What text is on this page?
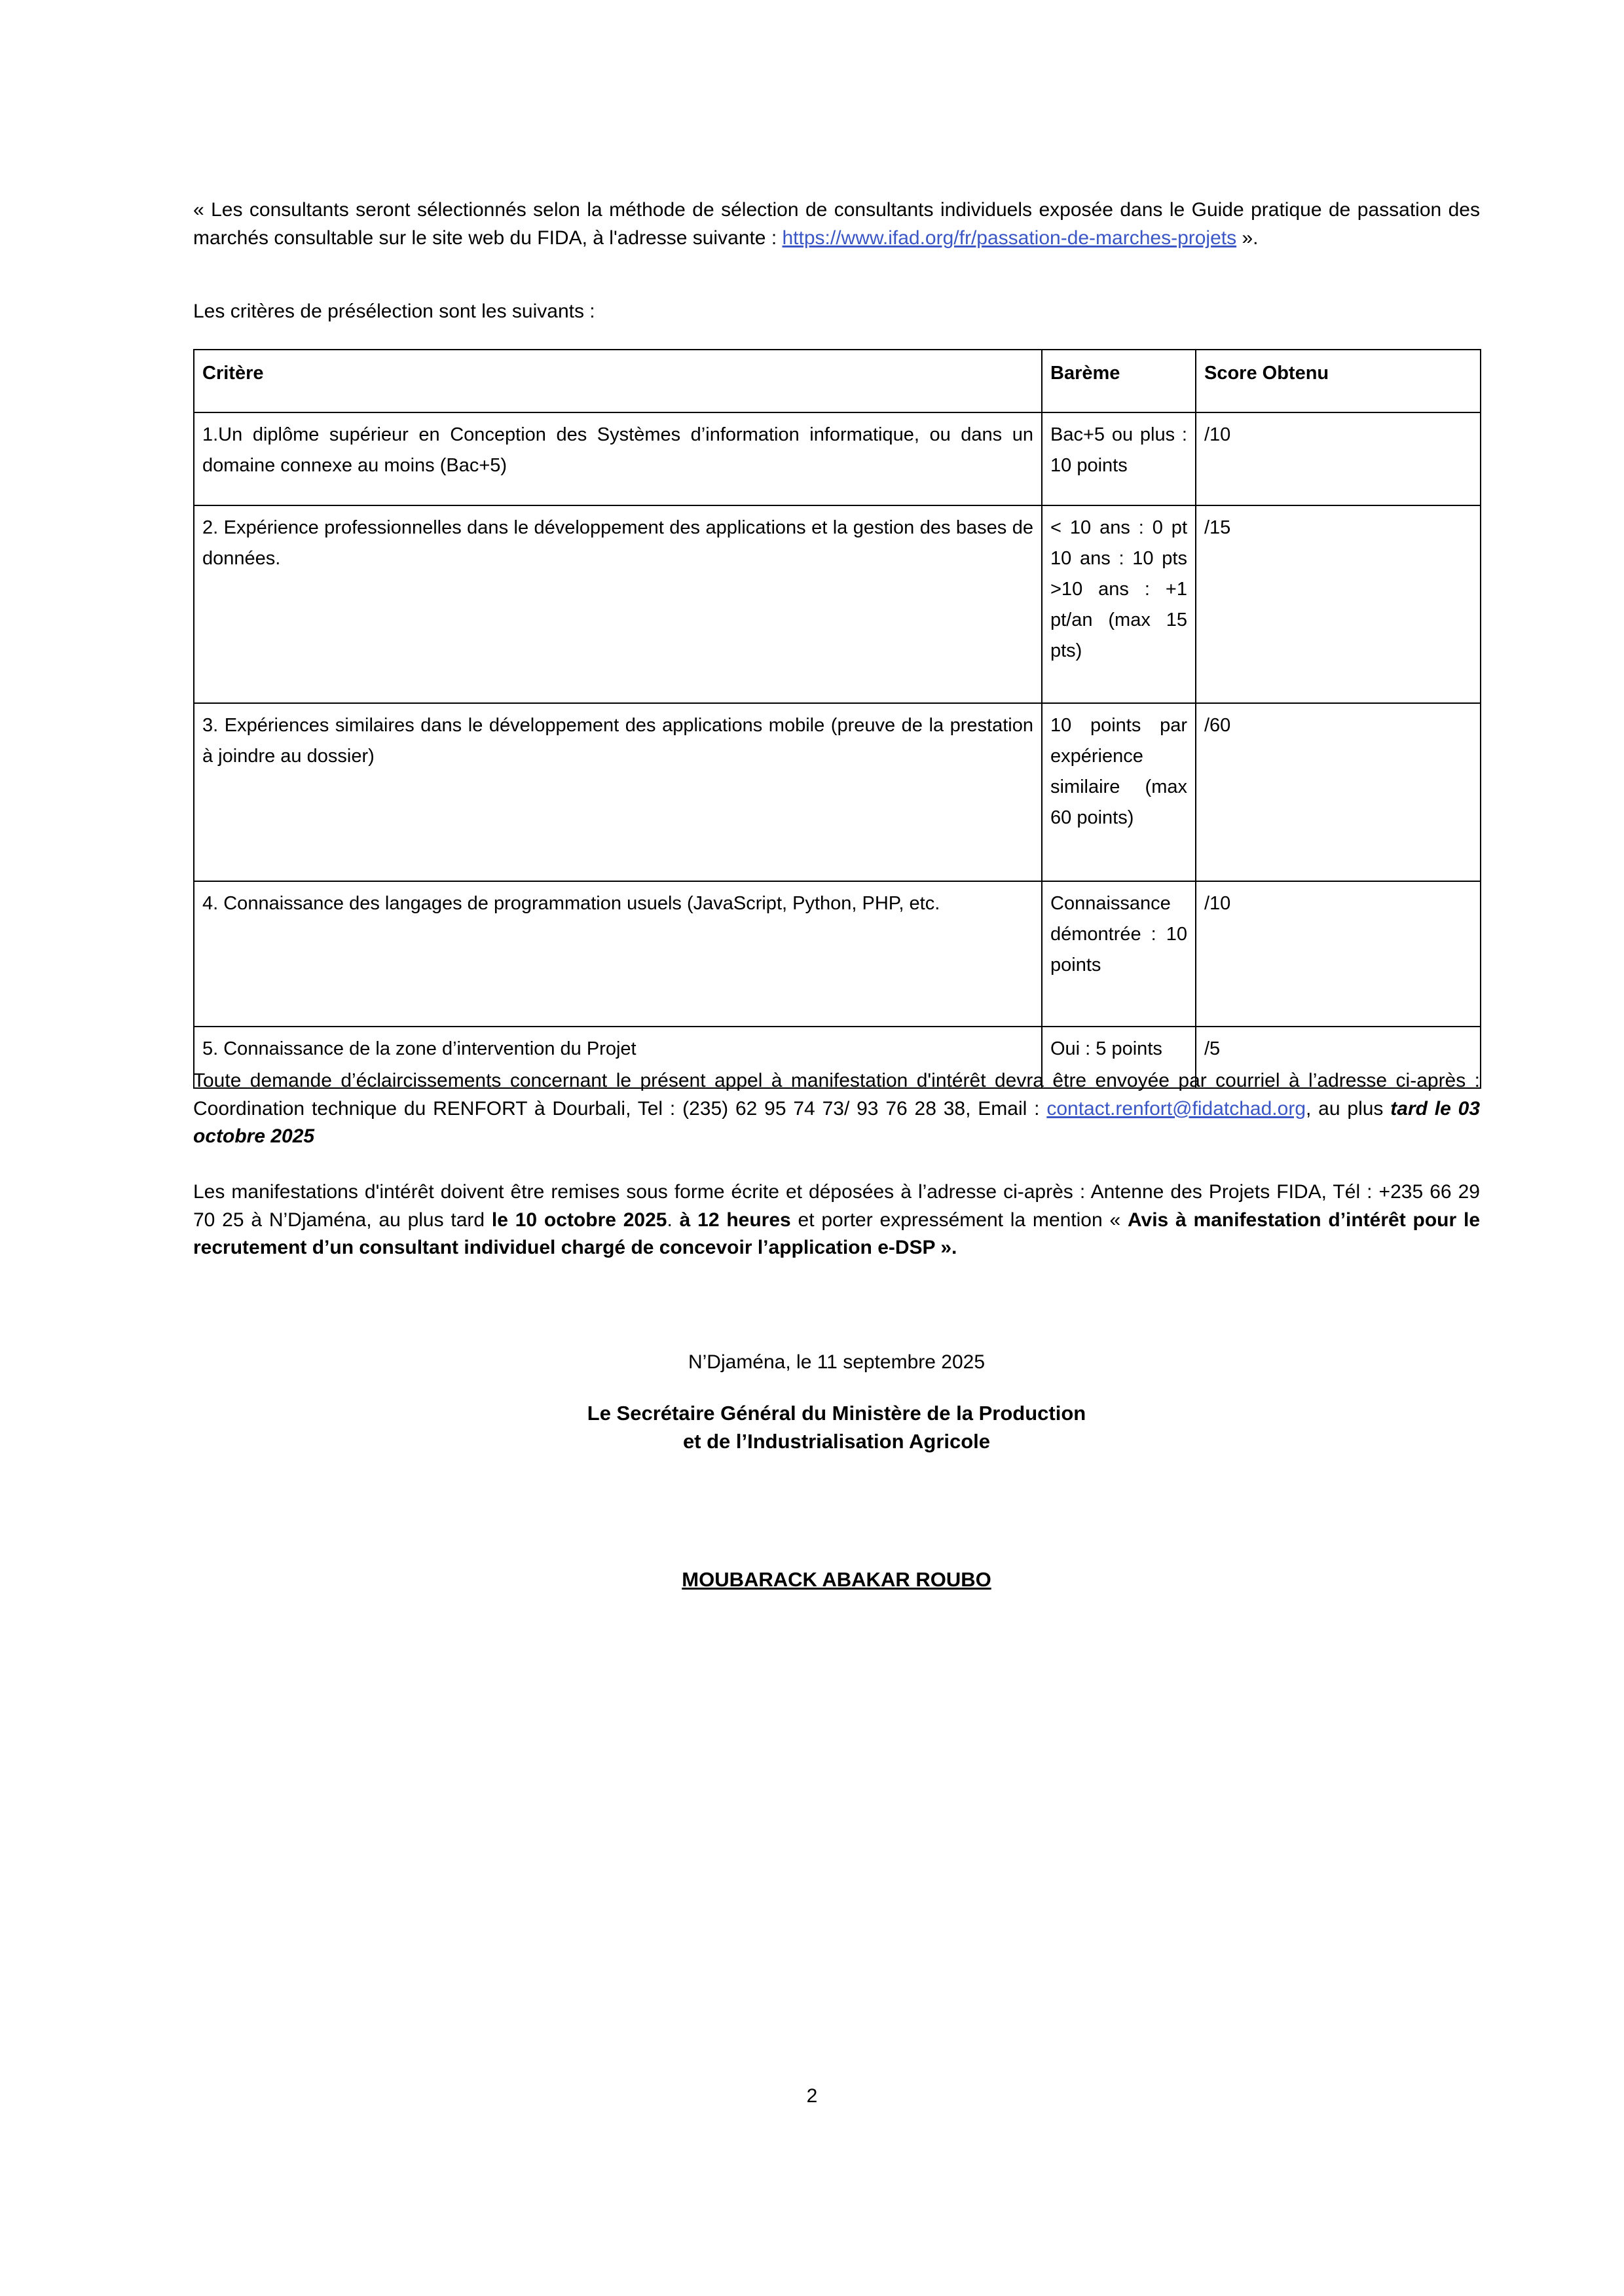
« Les consultants seront sélectionnés selon la méthode de sélection de consultants individuels exposée dans le Guide pratique de passation des marchés consultable sur le site web du FIDA, à l'adresse suivante : https://www.ifad.org/fr/passation-de-marches-projets ».

Les critères de présélection sont les suivants :

Critère	Barème	Score Obtenu
1.Un diplôme supérieur en Conception des Systèmes d’information informatique, ou dans un domaine connexe au moins (Bac+5)	Bac+5 ou plus : 10 points	/10
2. Expérience professionnelles dans le développement des applications et la gestion des bases de données.	< 10 ans : 0 pt 10 ans : 10 pts >10 ans : +1 pt/an (max 15 pts)	/15
3. Expériences similaires dans le développement des applications mobile (preuve de la prestation à joindre au dossier)	10 points par expérience similaire (max 60 points)	/60
4. Connaissance des langages de programmation usuels (JavaScript, Python, PHP, etc.	Connaissance démontrée : 10 points	/10
5. Connaissance de la zone d’intervention du Projet	Oui : 5 points	/5

Toute demande d’éclaircissements concernant le présent appel à manifestation d'intérêt devra être envoyée par courriel à l’adresse ci-après : Coordination technique du RENFORT à Dourbali, Tel : (235) 62 95 74 73/ 93 76 28 38, Email : contact.renfort@fidatchad.org, au plus tard le 03 octobre 2025

Les manifestations d'intérêt doivent être remises sous forme écrite et déposées à l’adresse ci-après : Antenne des Projets FIDA, Tél : +235 66 29 70 25 à N’Djaména, au plus tard le 10 octobre 2025. à 12 heures et porter expressément la mention « Avis à manifestation d’intérêt pour le recrutement d’un consultant individuel chargé de concevoir l’application e-DSP ».

N’Djaména, le 11 septembre 2025
Le Secrétaire Général du Ministère de la Production
et de l’Industrialisation Agricole
MOUBARACK ABAKAR ROUBO
2
